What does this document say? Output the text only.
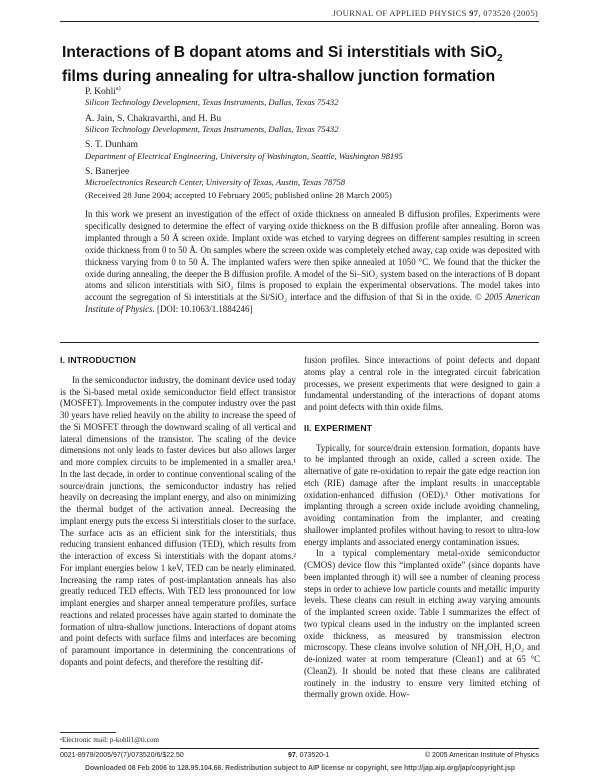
JOURNAL OF APPLIED PHYSICS 97, 073520 (2005)
Interactions of B dopant atoms and Si interstitials with SiO$_2$ films during annealing for ultra-shallow junction formation
P. Kohli$^{a)}$
Silicon Technology Development, Texas Instruments, Dallas, Texas 75432
A. Jain, S. Chakravarthi, and H. Bu
Silicon Technology Development, Texas Instruments, Dallas, Texas 75432
S. T. Dunham
Department of Electrical Engineering, University of Washington, Seattle, Washington 98195
S. Banerjee
Microelectronics Research Center, University of Texas, Austin, Texas 78758
(Received 28 June 2004; accepted 10 February 2005; published online 28 March 2005)
In this work we present an investigation of the effect of oxide thickness on annealed B diffusion profiles. Experiments were specifically designed to determine the effect of varying oxide thickness on the B diffusion profile after annealing. Boron was implanted through a 50 Å screen oxide. Implant oxide was etched to varying degrees on different samples resulting in screen oxide thickness from 0 to 50 Å. On samples where the screen oxide was completely etched away, cap oxide was deposited with thickness varying from 0 to 50 Å. The implanted wafers were then spike annealed at 1050 °C. We found that the thicker the oxide during annealing, the deeper the B diffusion profile. A model of the Si–SiO₂ system based on the interactions of B dopant atoms and silicon interstitials with SiO₂ films is proposed to explain the experimental observations. The model takes into account the segregation of Si interstitials at the Si/SiO₂ interface and the diffusion of that Si in the oxide. © 2005 American Institute of Physics. [DOI: 10.1063/1.1884246]
I. INTRODUCTION

In the semiconductor industry, the dominant device used today is the Si-based metal oxide semiconductor field effect transistor (MOSFET). Improvements in the computer industry over the past 30 years have relied heavily on the ability to increase the speed of the Si MOSFET through the downward scaling of all vertical and lateral dimensions of the transistor. The scaling of the device dimensions not only leads to faster devices but also allows larger and more complex circuits to be implemented in a smaller area.¹ In the last decade, in order to continue conventional scaling of the source/drain junctions, the semiconductor industry has relied heavily on decreasing the implant energy, and also on minimizing the thermal budget of the activation anneal. Decreasing the implant energy puts the excess Si interstitials closer to the surface. The surface acts as an efficient sink for the interstitials, thus reducing transient enhanced diffusion (TED), which results from the interaction of excess Si interstitials with the dopant atoms.² For implant energies below 1 keV, TED can be nearly eliminated. Increasing the ramp rates of post-implantation anneals has also greatly reduced TED effects. With TED less pronounced for low implant energies and sharper anneal temperature profiles, surface reactions and related processes have again started to dominate the formation of ultra-shallow junctions. Interactions of dopant atoms and point defects with surface films and interfaces are becoming of paramount importance in determining the concentrations of dopants and point defects, and therefore the resulting dif-

fusion profiles. Since interactions of point defects and dopant atoms play a central role in the integrated circuit fabrication processes, we present experiments that were designed to gain a fundamental understanding of the interactions of dopant atoms and point defects with thin oxide films.

II. EXPERIMENT

Typically, for source/drain extension formation, dopants have to be implanted through an oxide, called a screen oxide. The alternative of gate re-oxidation to repair the gate edge reaction ion etch (RIE) damage after the implant results in unacceptable oxidation-enhanced diffusion (OED).³ Other motivations for implanting through a screen oxide include avoiding channeling, avoiding contamination from the implanter, and creating shallower implanted profiles without having to resort to ultra-low energy implants and associated energy contamination issues.

In a typical complementary metal-oxide semiconductor (CMOS) device flow this “implanted oxide” (since dopants have been implanted through it) will see a number of cleaning process steps in order to achieve low particle counts and metallic impurity levels. These cleans can result in etching away varying amounts of the implanted screen oxide. Table I summarizes the effect of two typical cleans used in the industry on the implanted screen oxide thickness, as measured by transmission electron microscopy. These cleans involve solution of NH₄OH, H₂O₂ and de-ionized water at room temperature (Clean1) and at 65 °C (Clean2). It should be noted that these cleans are calibrated routinely in the industry to ensure very limited etching of thermally grown oxide. How-

ᵃElectronic mail: p-kohli1@ti.com
0021-8979/2005/97(7)/073520/6/$22.50	97, 073520-1	© 2005 American Institute of Physics
Downloaded 08 Feb 2006 to 128.95.104.66. Redistribution subject to AIP license or copyright, see http://jap.aip.org/jap/copyright.jsp
